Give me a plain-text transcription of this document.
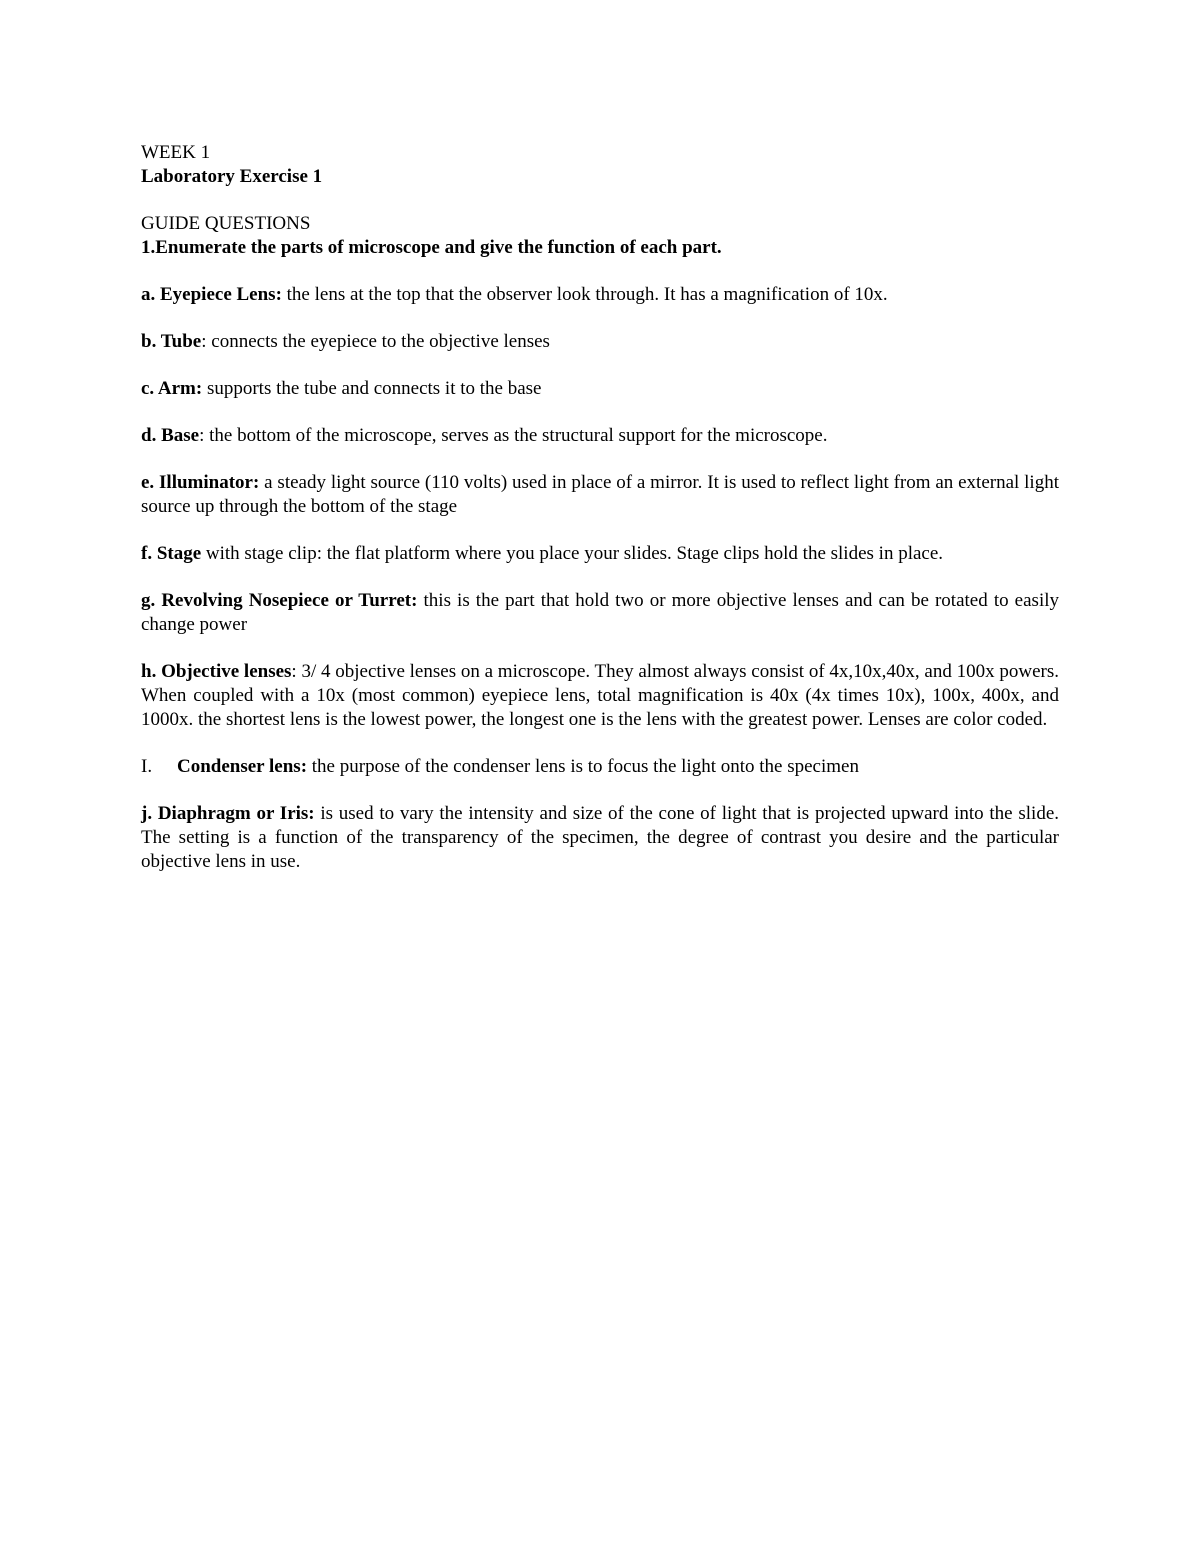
WEEK 1

Laboratory Exercise 1

GUIDE QUESTIONS

1.Enumerate the parts of microscope and give the function of each part.

a. Eyepiece Lens: the lens at the top that the observer look through. It has a magnification of 10x.

b. Tube: connects the eyepiece to the objective lenses

c. Arm: supports the tube and connects it to the base

d. Base: the bottom of the microscope, serves as the structural support for the microscope.

e. Illuminator: a steady light source (110 volts) used in place of a mirror. It is used to reflect light from an external light source up through the bottom of the stage

f. Stage with stage clip: the flat platform where you place your slides. Stage clips hold the slides in place.

g. Revolving Nosepiece or Turret: this is the part that hold two or more objective lenses and can be rotated to easily change power

h. Objective lenses: 3/ 4 objective lenses on a microscope. They almost always consist of 4x,10x,40x, and 100x powers. When coupled with a 10x (most common) eyepiece lens, total magnification is 40x (4x times 10x), 100x, 400x, and 1000x. the shortest lens is the lowest power, the longest one is the lens with the greatest power. Lenses are color coded.

I.	Condenser lens: the purpose of the condenser lens is to focus the light onto the specimen

j. Diaphragm or Iris: is used to vary the intensity and size of the cone of light that is projected upward into the slide. The setting is a function of the transparency of the specimen, the degree of contrast you desire and the particular objective lens in use.
